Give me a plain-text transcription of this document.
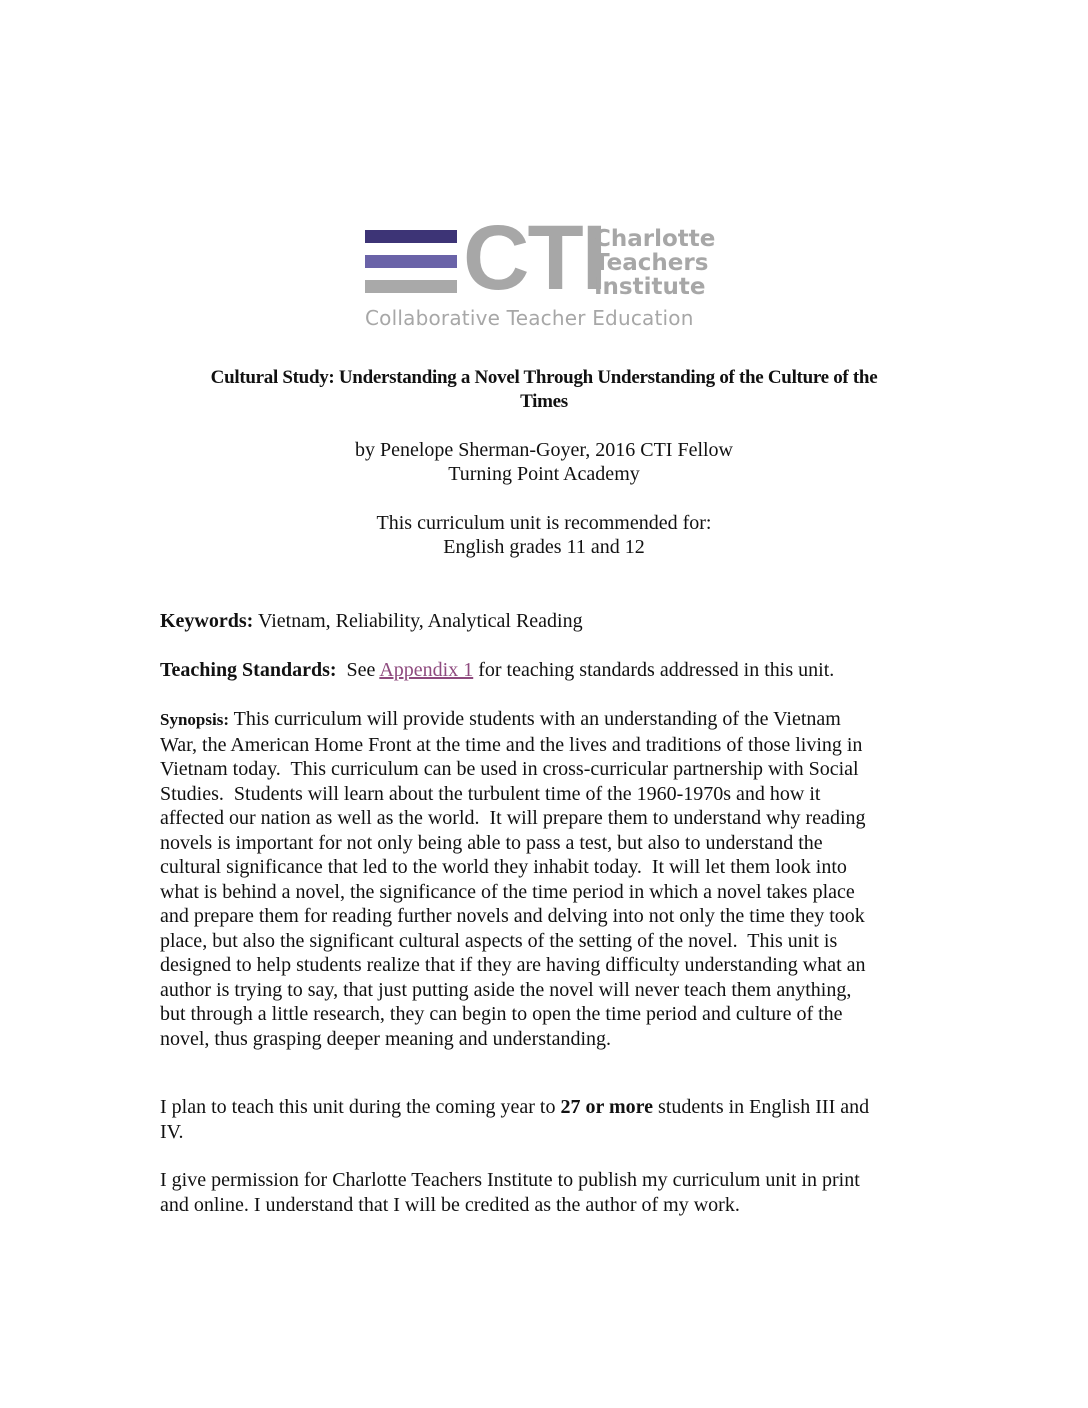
CTI
Charlotte
Teachers
Institute
Collaborative Teacher Education
Cultural Study: Understanding a Novel Through Understanding of the Culture of the
Times
by Penelope Sherman-Goyer, 2016 CTI Fellow
Turning Point Academy
This curriculum unit is recommended for:
English grades 11 and 12
Keywords: Vietnam, Reliability, Analytical Reading
Teaching Standards:  See Appendix 1 for teaching standards addressed in this unit.
Synopsis: This curriculum will provide students with an understanding of the Vietnam
War, the American Home Front at the time and the lives and traditions of those living in
Vietnam today.  This curriculum can be used in cross-curricular partnership with Social
Studies.  Students will learn about the turbulent time of the 1960-1970s and how it
affected our nation as well as the world.  It will prepare them to understand why reading
novels is important for not only being able to pass a test, but also to understand the
cultural significance that led to the world they inhabit today.  It will let them look into
what is behind a novel, the significance of the time period in which a novel takes place
and prepare them for reading further novels and delving into not only the time they took
place, but also the significant cultural aspects of the setting of the novel.  This unit is
designed to help students realize that if they are having difficulty understanding what an
author is trying to say, that just putting aside the novel will never teach them anything,
but through a little research, they can begin to open the time period and culture of the
novel, thus grasping deeper meaning and understanding.
I plan to teach this unit during the coming year to 27 or more students in English III and
IV.
I give permission for Charlotte Teachers Institute to publish my curriculum unit in print
and online. I understand that I will be credited as the author of my work.
